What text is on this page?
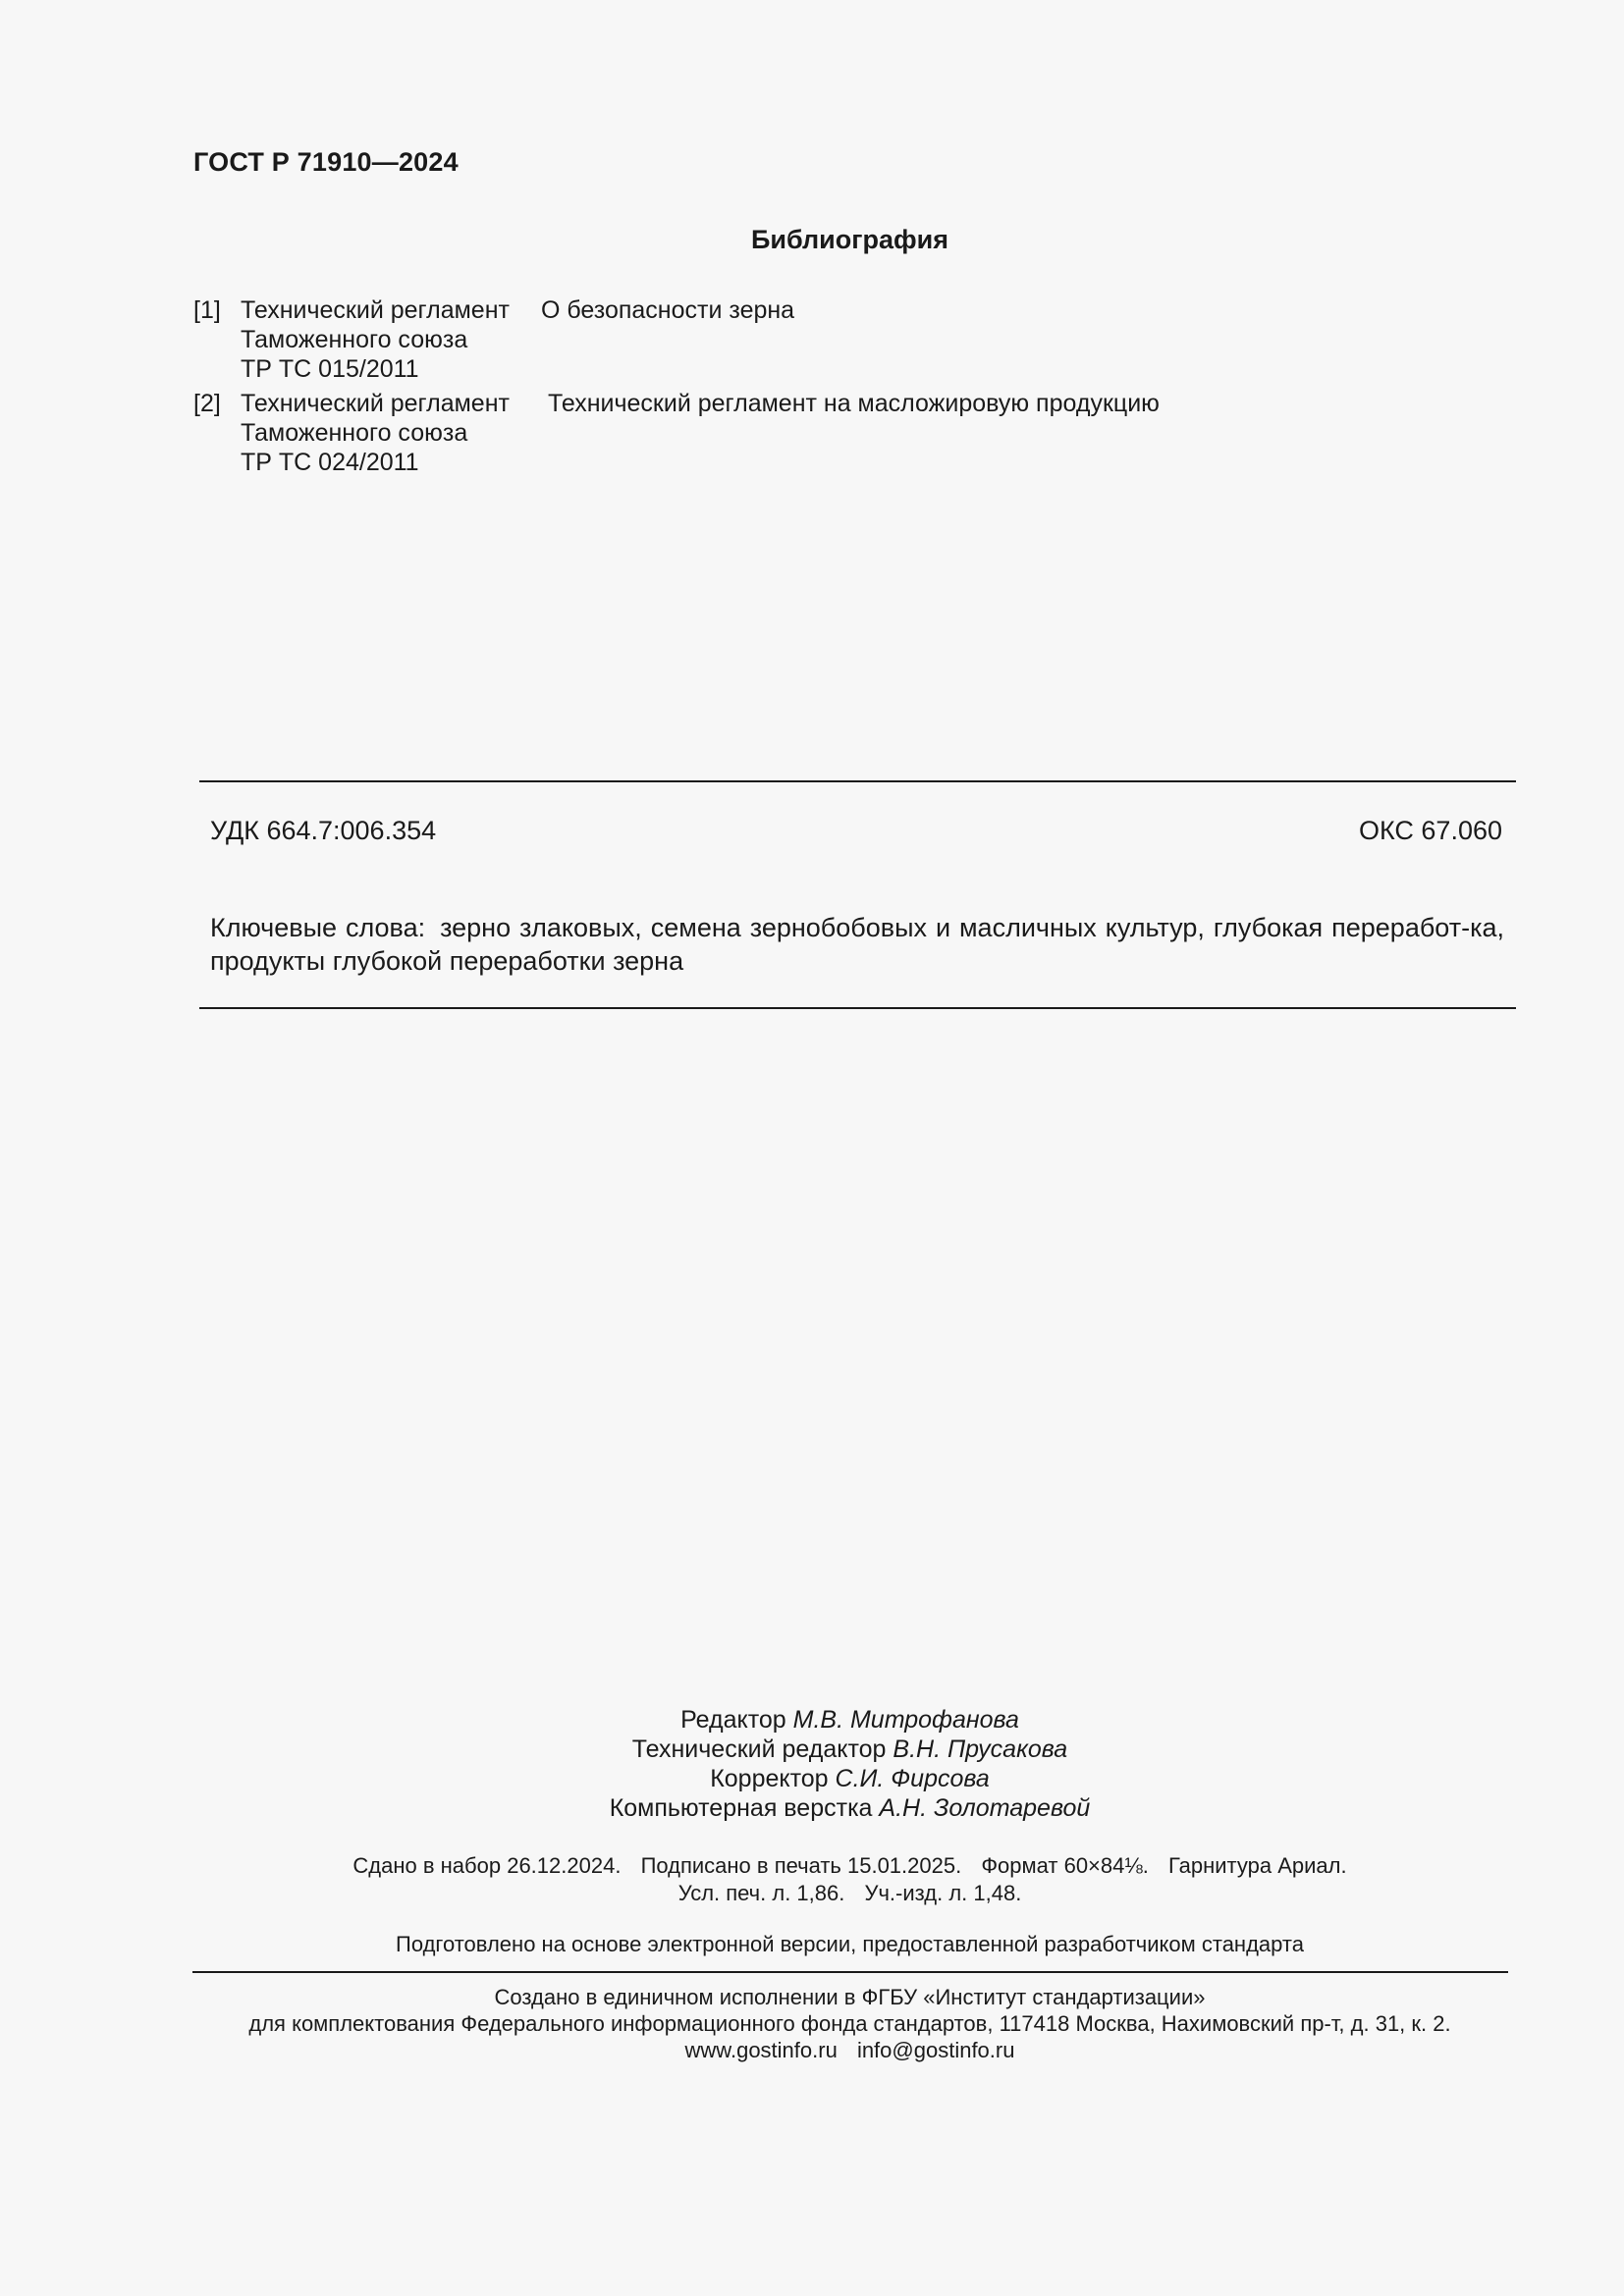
ГОСТ Р 71910—2024
Библиография
[1] Технический регламент
Таможенного союза
ТР ТС 015/2011
О безопасности зерна
[2] Технический регламент
Таможенного союза
ТР ТС 024/2011
Технический регламент на масложировую продукцию
УДК 664.7:006.354	ОКС 67.060
Ключевые слова: зерно злаковых, семена зернобобовых и масличных культур, глубокая переработ-ка, продукты глубокой переработки зерна
Редактор М.В. Митрофанова
Технический редактор В.Н. Прусакова
Корректор С.И. Фирсова
Компьютерная верстка А.Н. Золотаревой
Сдано в набор 26.12.2024. Подписано в печать 15.01.2025. Формат 60×84⅛. Гарнитура Ариал.
Усл. печ. л. 1,86. Уч.-изд. л. 1,48.
Подготовлено на основе электронной версии, предоставленной разработчиком стандарта
Создано в единичном исполнении в ФГБУ «Институт стандартизации»
для комплектования Федерального информационного фонда стандартов, 117418 Москва, Нахимовский пр-т, д. 31, к. 2.
www.gostinfo.ru info@gostinfo.ru
